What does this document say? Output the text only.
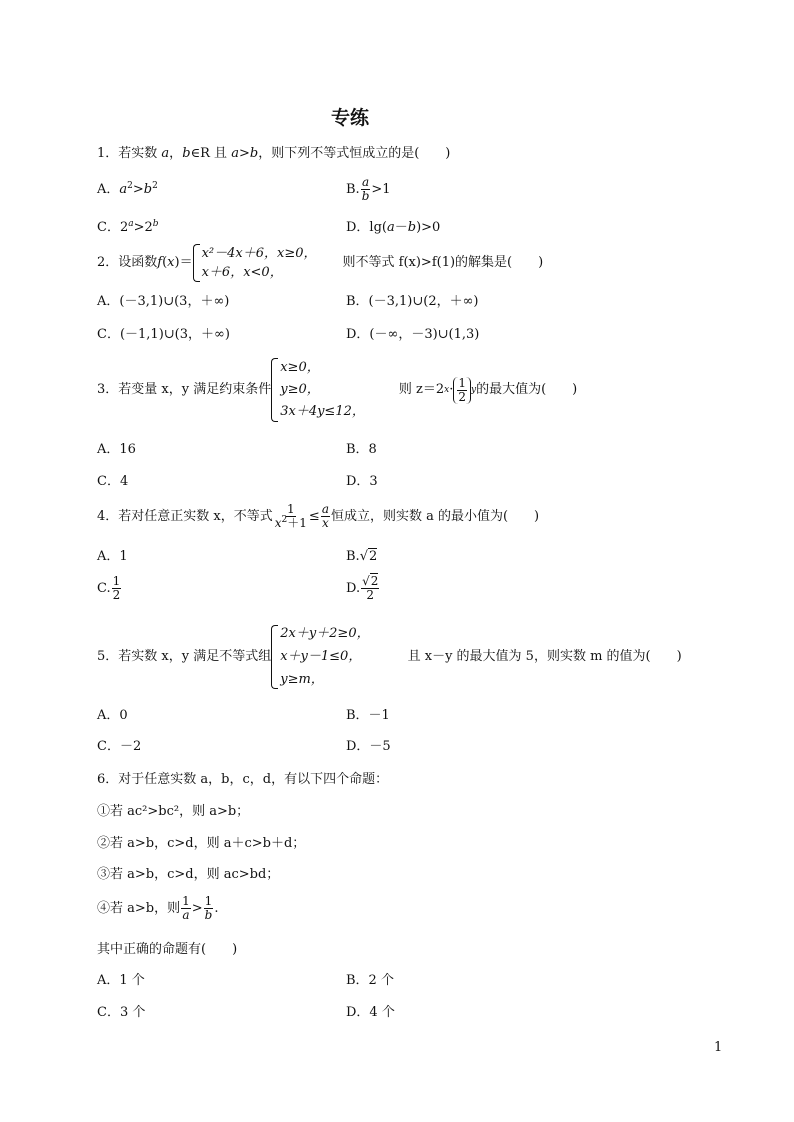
专练
1．若实数 a，b∈R 且 a>b，则下列不等式恒成立的是(　　)
A．$a^2>b^2$	B. $\frac{a}{b} >1$
C．$2^a>2^b$	D．lg(a－b)>0
2．设函数 f ( x )＝
x²－4x＋6，x≥0，
x＋6，x<0，
则不等式 f(x)>f(1)的解集是(　　)
A．(－3,1)∪(3，＋∞)	B．(－3,1)∪(2，＋∞)
C．(－1,1)∪(3，＋∞)	D．(－∞，－3)∪(1,3)
3．若变量 x，y 满足约束条件
x≥0，
y≥0，
3x＋4y≤12，
则 z＝2 $x \cdot \frac{1}{2}$ y 的最大值为(　　)
A．16	B．8
C．4	D．3
4．若对任意正实数 x，不等式 $\frac{1}{x^2+1} \le \frac{a}{x}$ 恒成立，则实数 a 的最小值为(　　)
A．1	B.√2
C. $\frac{1}{2}$	D. $\frac{√2}{2}$
5．若实数 x，y 满足不等式组
2x＋y＋2≥0，
x＋y－1≤0，
y≥m，
且 x－y 的最大值为 5，则实数 m 的值为(　　)
A．0	B．－1
C．－2	D．－5
6．对于任意实数 a，b，c，d，有以下四个命题：
①若 ac²>bc²，则 a>b；
②若 a>b，c>d，则 a＋c>b＋d；
③若 a>b，c>d，则 ac>bd；
④若 a>b，则 $\frac{1}{a} > \frac{1}{b}$ .
其中正确的命题有(　　)
A．1 个	B．2 个
C．3 个	D．4 个
1
